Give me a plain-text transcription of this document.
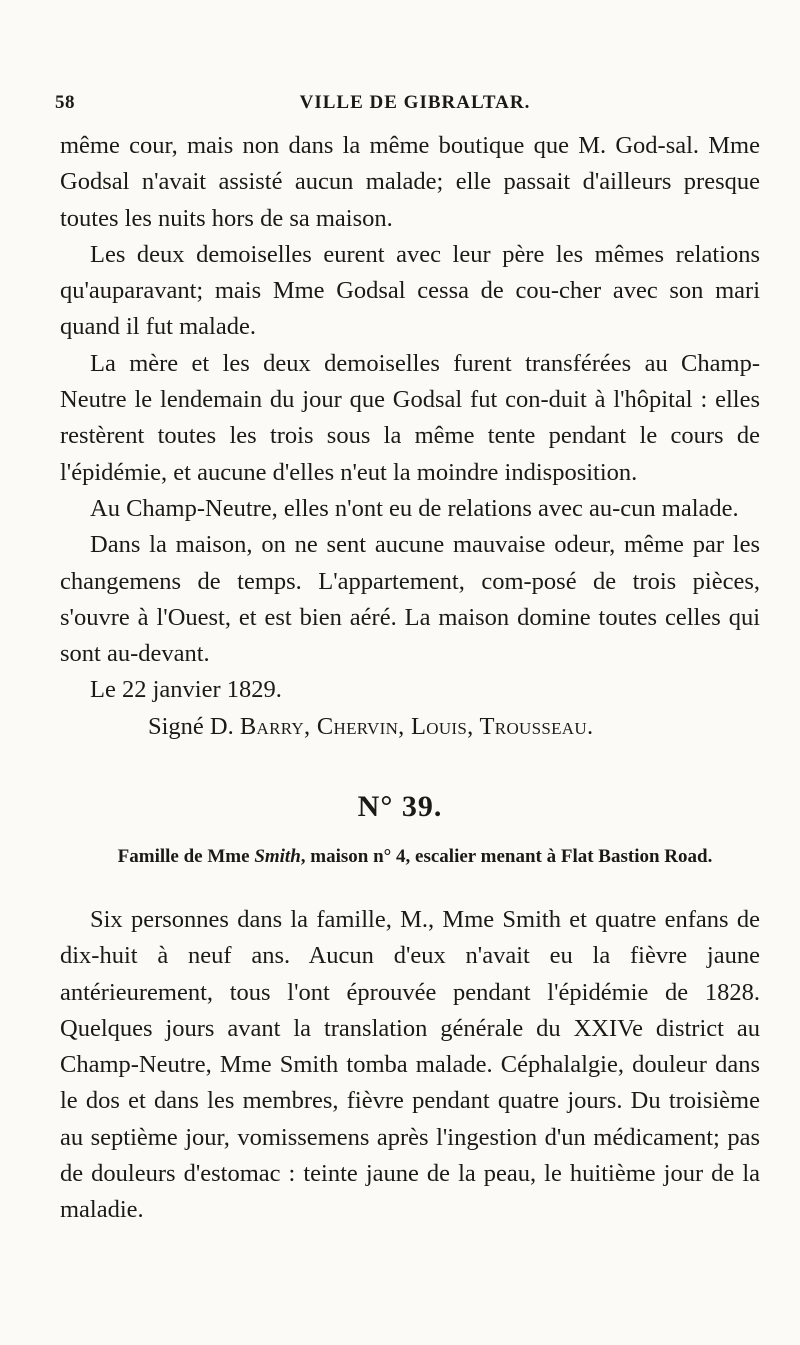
58	VILLE DE GIBRALTAR.

même cour, mais non dans la même boutique que M. God-sal. Mme Godsal n'avait assisté aucun malade; elle passait d'ailleurs presque toutes les nuits hors de sa maison.

Les deux demoiselles eurent avec leur père les mêmes relations qu'auparavant; mais Mme Godsal cessa de cou-cher avec son mari quand il fut malade.

La mère et les deux demoiselles furent transférées au Champ-Neutre le lendemain du jour que Godsal fut con-duit à l'hôpital : elles restèrent toutes les trois sous la même tente pendant le cours de l'épidémie, et aucune d'elles n'eut la moindre indisposition.

Au Champ-Neutre, elles n'ont eu de relations avec au-cun malade.

Dans la maison, on ne sent aucune mauvaise odeur, même par les changemens de temps. L'appartement, com-posé de trois pièces, s'ouvre à l'Ouest, et est bien aéré. La maison domine toutes celles qui sont au-devant.

Le 22 janvier 1829.

Signé D. Barry, Chervin, Louis, Trousseau.

N° 39.
Famille de Mme Smith, maison n° 4, escalier menant à Flat Bastion Road.

Six personnes dans la famille, M., Mme Smith et quatre enfans de dix-huit à neuf ans. Aucun d'eux n'avait eu la fièvre jaune antérieurement, tous l'ont éprouvée pendant l'épidémie de 1828. Quelques jours avant la translation générale du XXIVe district au Champ-Neutre, Mme Smith tomba malade. Céphalalgie, douleur dans le dos et dans les membres, fièvre pendant quatre jours. Du troisième au septième jour, vomissemens après l'ingestion d'un médicament; pas de douleurs d'estomac : teinte jaune de la peau, le huitième jour de la maladie.
